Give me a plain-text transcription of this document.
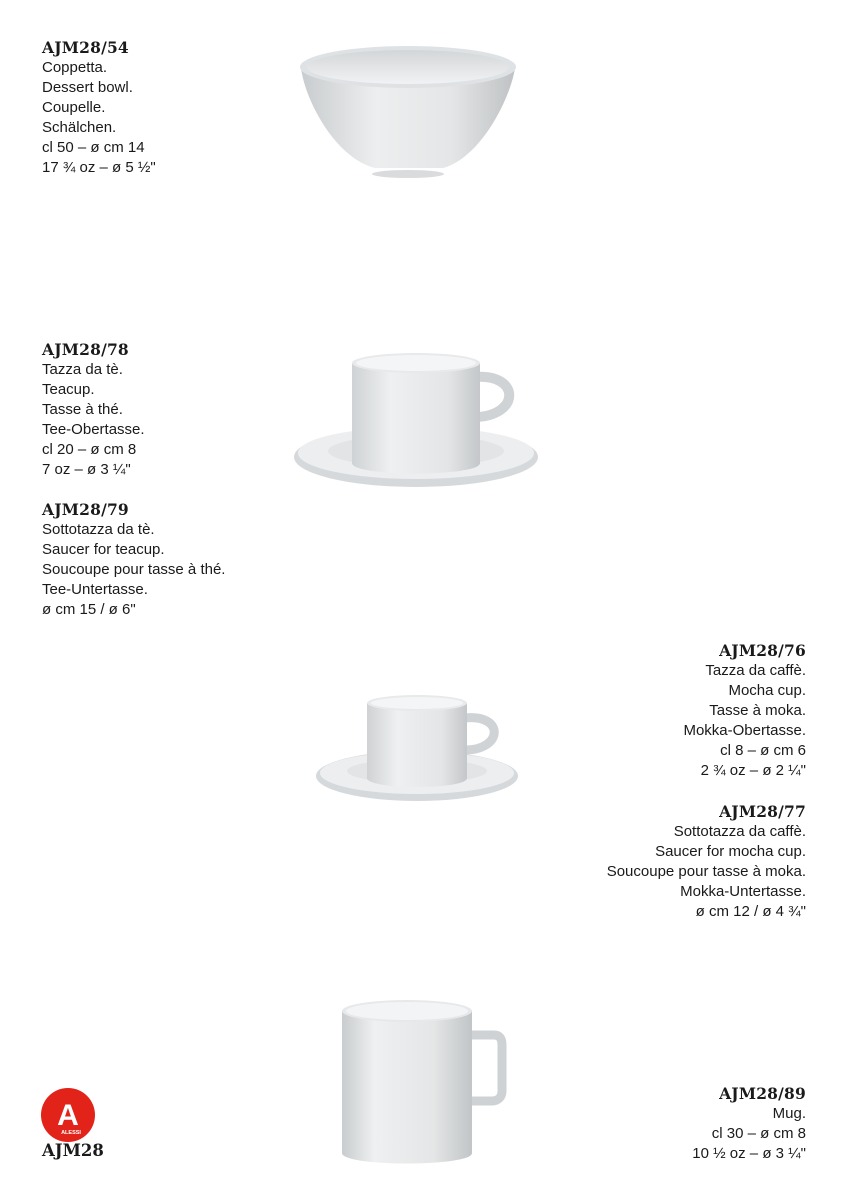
AJM28/54
Coppetta.
Dessert bowl.
Coupelle.
Schälchen.
cl 50 – ø cm 14
17 ¾ oz – ø 5 ½"
AJM28/78
Tazza da tè.
Teacup.
Tasse à thé.
Tee-Obertasse.
cl 20 – ø cm 8
7 oz – ø 3 ¼"
AJM28/79
Sottotazza da tè.
Saucer for teacup.
Soucoupe pour tasse à thé.
Tee-Untertasse.
ø cm 15 / ø 6"
AJM28/76
Tazza da caffè.
Mocha cup.
Tasse à moka.
Mokka-Obertasse.
cl 8 – ø cm 6
2 ¾ oz – ø 2 ¼"
AJM28/77
Sottotazza da caffè.
Saucer for mocha cup.
Soucoupe pour tasse à moka.
Mokka-Untertasse.
ø cm 12 / ø 4 ¾"
AJM28/89
Mug.
cl 30 – ø cm 8
10 ½ oz – ø 3 ¼"
A
ALESSI
AJM28
